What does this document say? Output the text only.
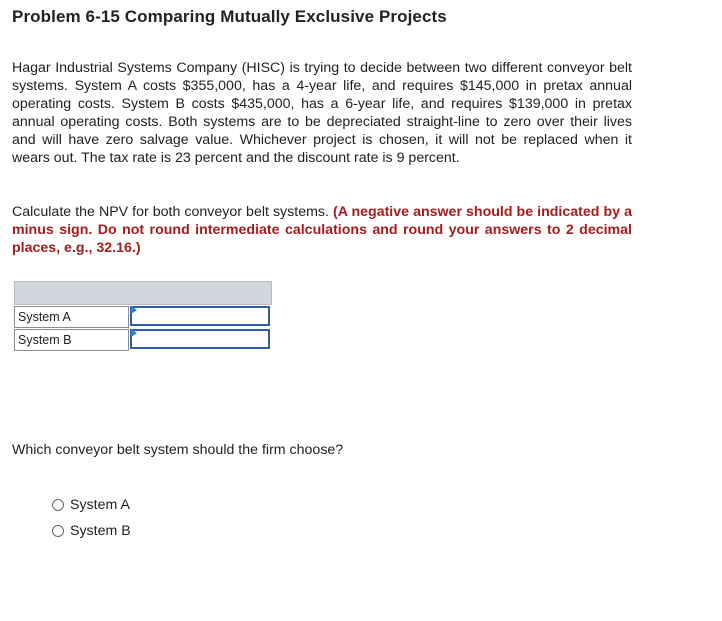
Problem 6-15 Comparing Mutually Exclusive Projects
Hagar Industrial Systems Company (HISC) is trying to decide between two different conveyor belt systems. System A costs $355,000, has a 4-year life, and requires $145,000 in pretax annual operating costs. System B costs $435,000, has a 6-year life, and requires $139,000 in pretax annual operating costs. Both systems are to be depreciated straight-line to zero over their lives and will have zero salvage value. Whichever project is chosen, it will not be replaced when it wears out. The tax rate is 23 percent and the discount rate is 9 percent.
Calculate the NPV for both conveyor belt systems. (A negative answer should be indicated by a minus sign. Do not round intermediate calculations and round your answers to 2 decimal places, e.g., 32.16.)
System A
System B
Which conveyor belt system should the firm choose?
System A
System B
